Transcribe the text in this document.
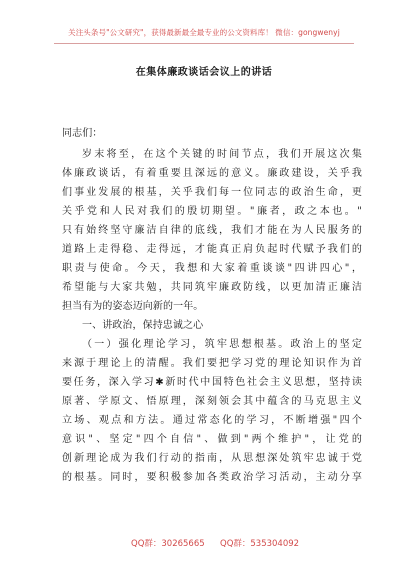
关注头条号"公文研究"，获得最新最全最专业的公文资料库！ 微信：gongwenyj
在集体廉政谈话会议上的讲话
同志们：
岁末将至，在这个关键的时间节点，我们开展这次集
体廉政谈话，有着重要且深远的意义。廉政建设，关乎我
们事业发展的根基，关乎我们每一位同志的政治生命，更
关乎党和人民对我们的殷切期望。"廉者，政之本也。"
只有始终坚守廉洁自律的底线，我们才能在为人民服务的
道路上走得稳、走得远，才能真正肩负起时代赋予我们的
职责与使命。今天，我想和大家着重谈谈"四讲四心"，
希望能与大家共勉，共同筑牢廉政防线，以更加清正廉洁
担当有为的姿态迈向新的一年。
一、讲政治，保持忠诚之心
（一）强化理论学习，筑牢思想根基。政治上的坚定
来源于理论上的清醒。我们要把学习党的理论知识作为首
要任务，深入学习✱新时代中国特色社会主义思想，坚持读
原著、学原文、悟原理，深刻领会其中蕴含的马克思主义
立场、观点和方法。通过常态化的学习，不断增强"四个
意识"、坚定"四个自信"、做到"两个维护"，让党的
创新理论成为我们行动的指南，从思想深处筑牢忠诚于党
的根基。同时，要积极参加各类政治学习活动，主动分享
QQ群：30265665 QQ群：535304092
